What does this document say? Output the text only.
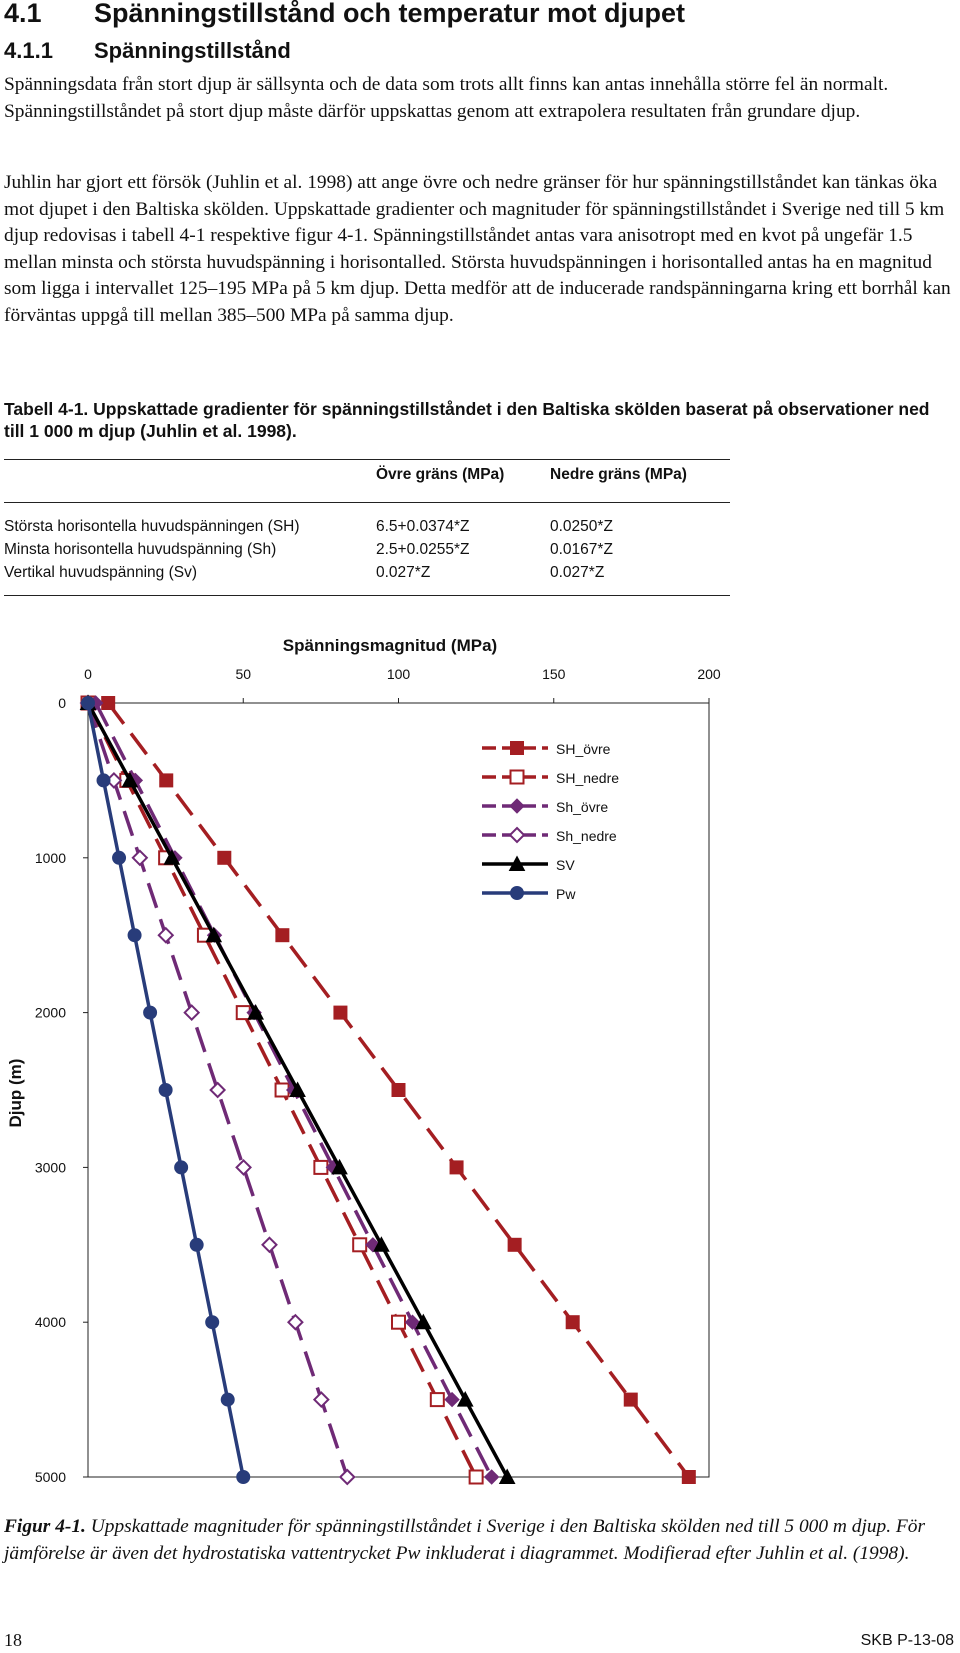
4.1 Spänningstillstånd och temperatur mot djupet
4.1.1 Spänningstillstånd

Spänningsdata från stort djup är sällsynta och de data som trots allt finns kan antas innehålla större fel än normalt. Spänningstillståndet på stort djup måste därför uppskattas genom att extrapolera resultaten från grundare djup.

Juhlin har gjort ett försök (Juhlin et al. 1998) att ange övre och nedre gränser för hur spänningstillståndet kan tänkas öka mot djupet i den Baltiska skölden. Uppskattade gradienter och magnituder för spänningstillståndet i Sverige ned till 5 km djup redovisas i tabell 4-1 respektive figur 4-1. Spänningstillståndet antas vara anisotropt med en kvot på ungefär 1.5 mellan minsta och största huvudspänning i horisontalled. Största huvudspänningen i horisontalled antas ha en magnitud som ligga i intervallet 125–195 MPa på 5 km djup. Detta medför att de inducerade randspänningarna kring ett borrhål kan förväntas uppgå till mellan 385–500 MPa på samma djup.

Tabell 4-1. Uppskattade gradienter för spänningstillståndet i den Baltiska skölden baserat på observationer ned till 1 000 m djup (Juhlin et al. 1998).

	Övre gräns (MPa)	Nedre gräns (MPa)
Största horisontella huvudspänningen (SH)	6.5+0.0374*Z	0.0250*Z
Minsta horisontella huvudspänning (Sh)	2.5+0.0255*Z	0.0167*Z
Vertikal huvudspänning (Sv)	0.027*Z	0.027*Z
Spänningsmagnitud (MPa)
0	50	100	150	200
0
1000
2000
3000
4000
5000
Djup (m)
SH_övre
SH_nedre
Sh_övre
Sh_nedre
SV
Pw

Figur 4-1. Uppskattade magnituder för spänningstillståndet i Sverige i den Baltiska skölden ned till 5 000 m djup. För jämförelse är även det hydrostatiska vattentrycket Pw inkluderat i diagrammet. Modifierad efter Juhlin et al. (1998).

18	SKB P-13-08
